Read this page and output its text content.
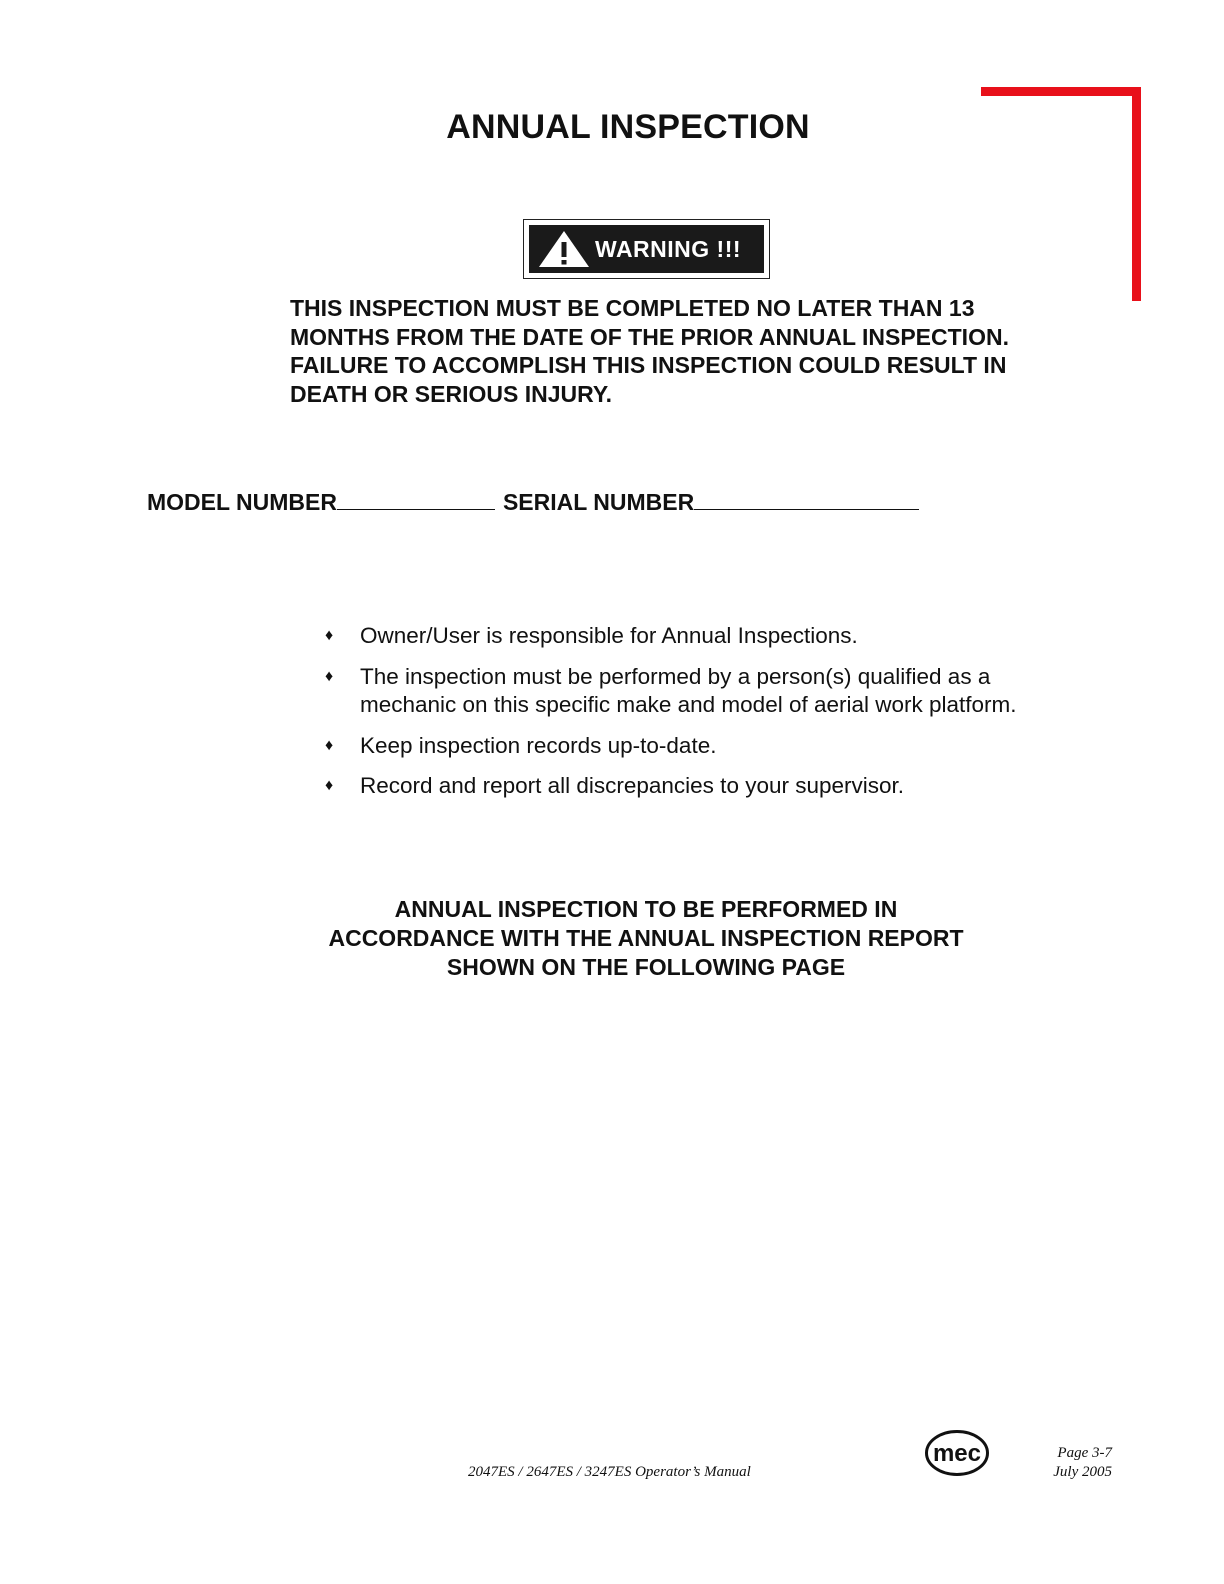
ANNUAL INSPECTION
WARNING !!!
THIS INSPECTION MUST BE COMPLETED NO LATER THAN 13 MONTHS FROM THE DATE OF THE PRIOR ANNUAL INSPECTION. FAILURE TO ACCOMPLISH THIS INSPECTION COULD RESULT IN DEATH OR SERIOUS INJURY.
MODEL NUMBER	SERIAL NUMBER
♦	Owner/User is responsible for Annual Inspections.
♦	The inspection must be performed by a person(s) qualified as a mechanic on this specific make and model of aerial work platform.
♦	Keep inspection records up-to-date.
♦	Record and report all discrepancies to your supervisor.
ANNUAL INSPECTION TO BE PERFORMED IN
ACCORDANCE WITH THE ANNUAL INSPECTION REPORT
SHOWN ON THE FOLLOWING PAGE
2047ES / 2647ES / 3247ES Operator’s Manual
mec	Page 3-7
July 2005
